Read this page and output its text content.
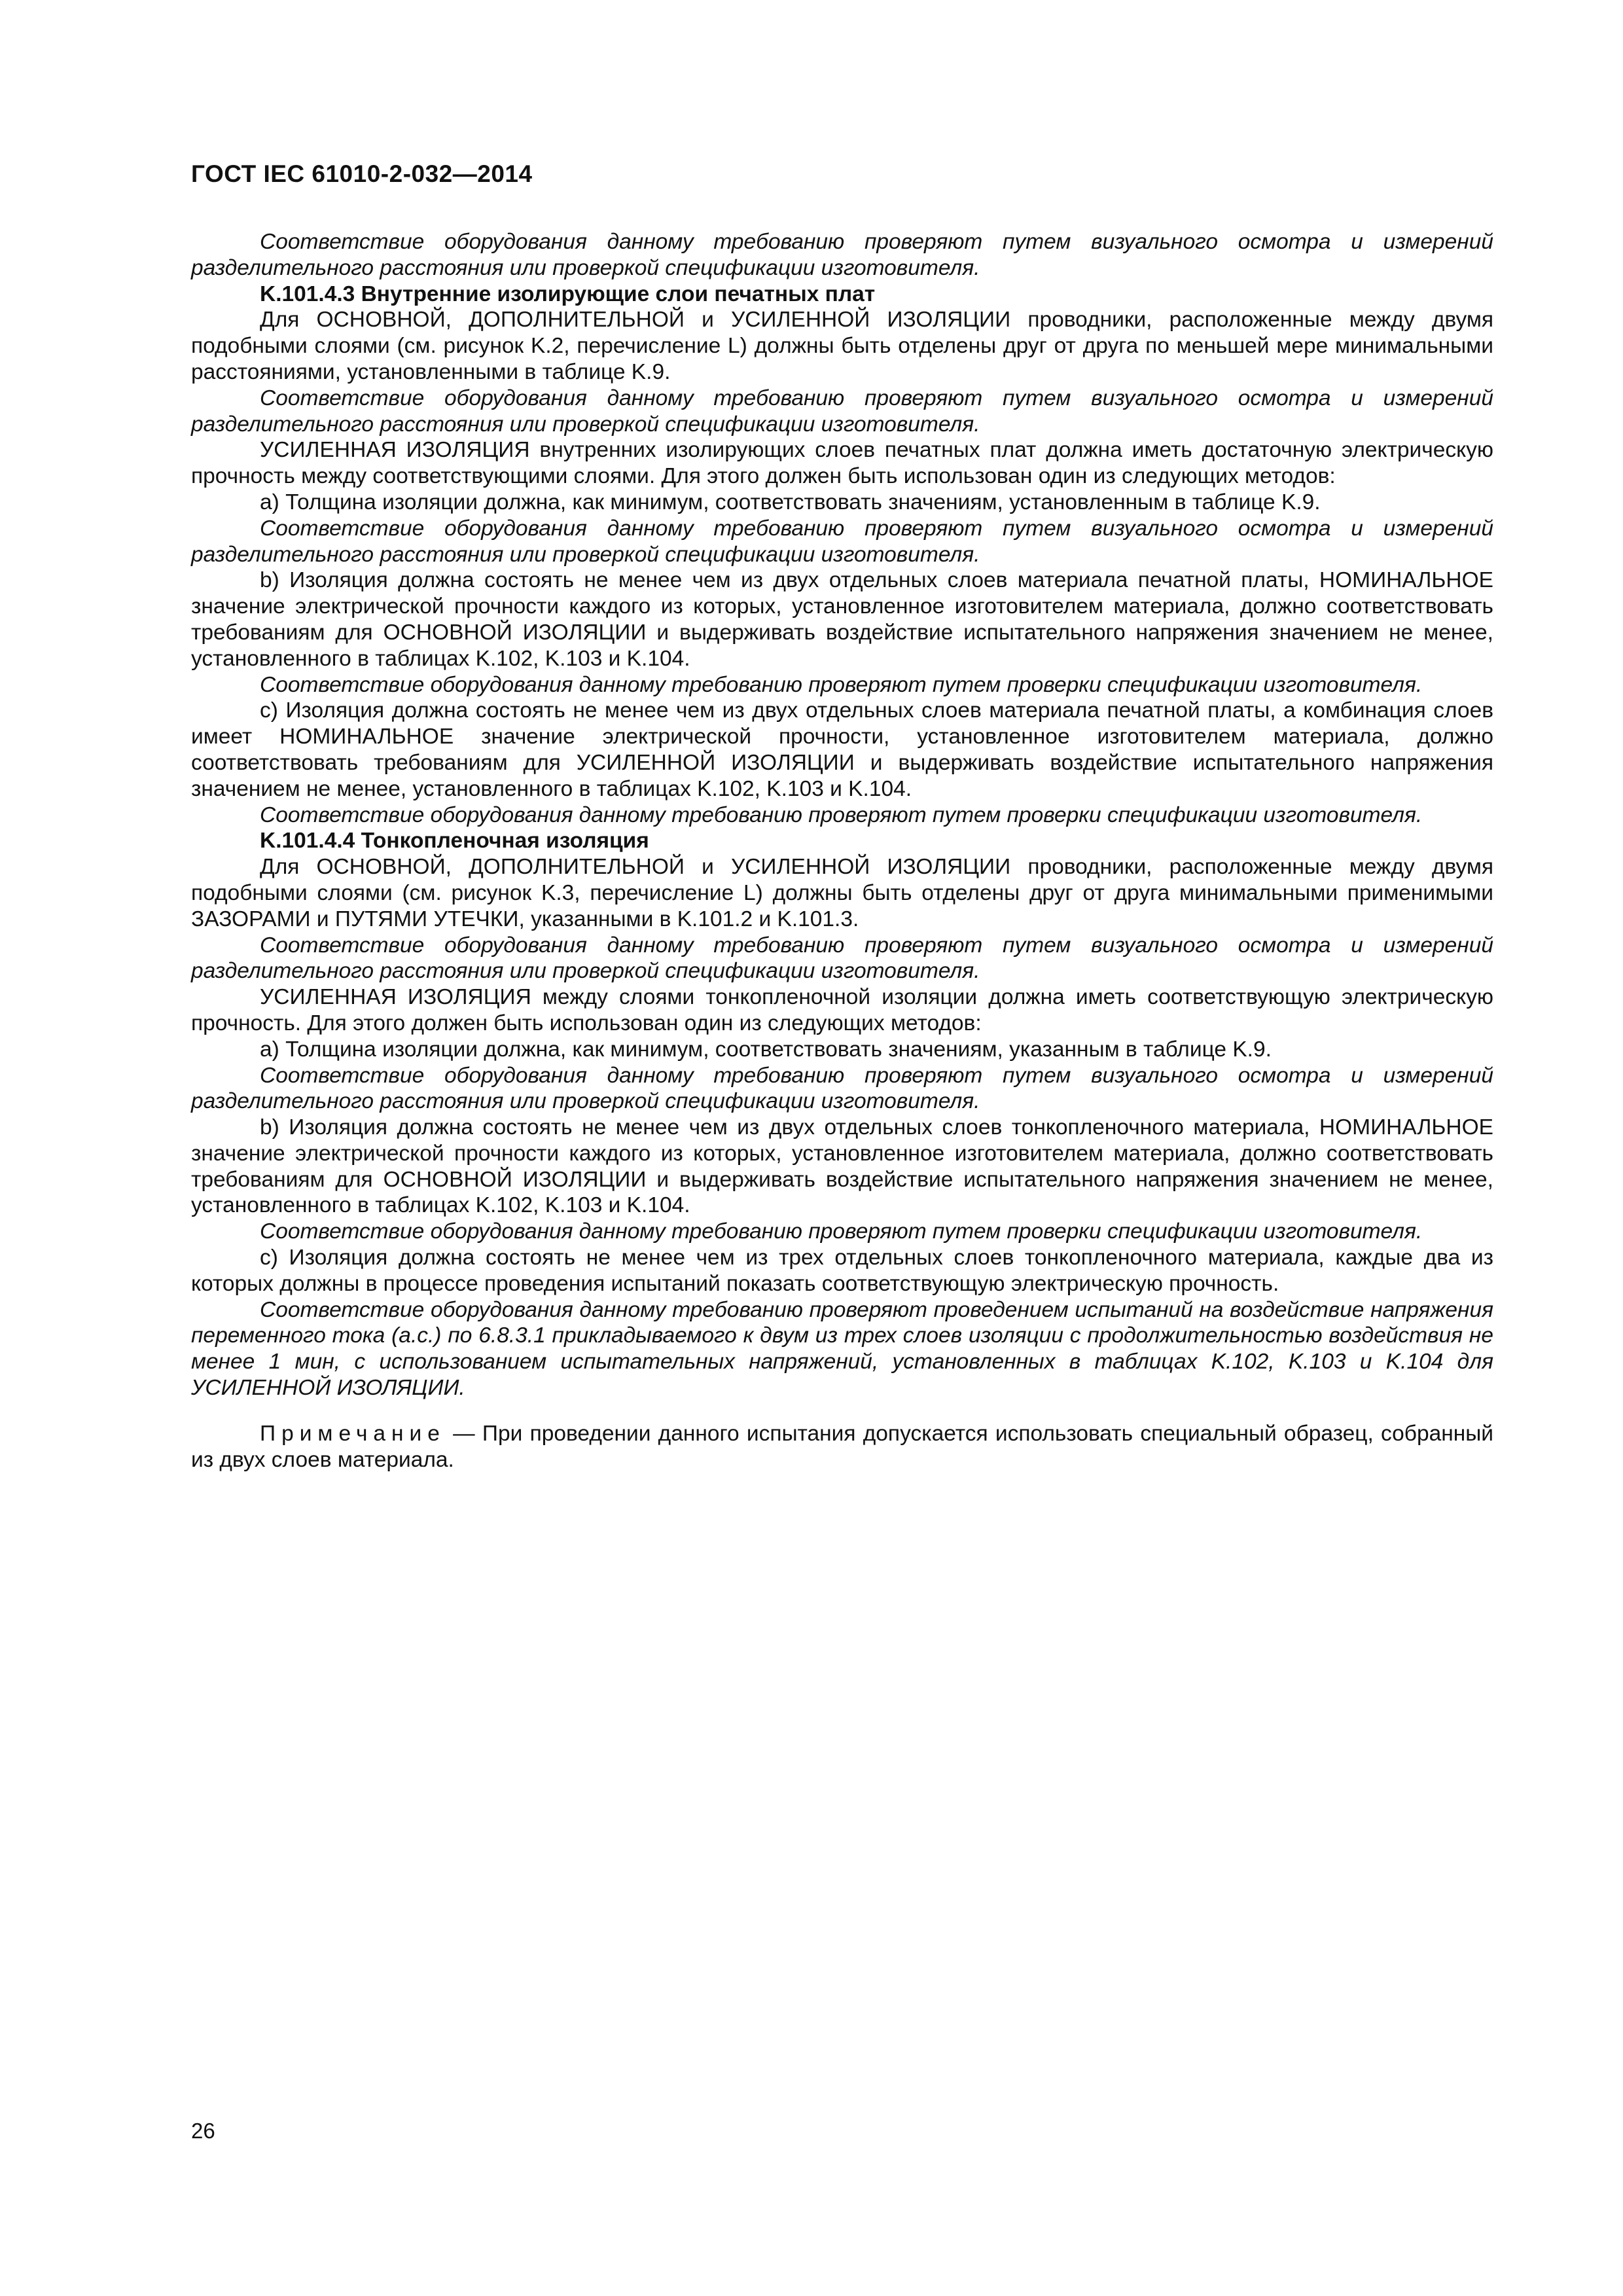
ГОСТ IEC 61010-2-032—2014

Соответствие оборудования данному требованию проверяют путем визуального осмотра и измерений разделительного расстояния или проверкой спецификации изготовителя.

K.101.4.3 Внутренние изолирующие слои печатных плат

Для ОСНОВНОЙ, ДОПОЛНИТЕЛЬНОЙ и УСИЛЕННОЙ ИЗОЛЯЦИИ проводники, расположенные между двумя подобными слоями (см. рисунок K.2, перечисление L) должны быть отделены друг от друга по меньшей мере минимальными расстояниями, установленными в таблице K.9.

Соответствие оборудования данному требованию проверяют путем визуального осмотра и измерений разделительного расстояния или проверкой спецификации изготовителя.

УСИЛЕННАЯ ИЗОЛЯЦИЯ внутренних изолирующих слоев печатных плат должна иметь достаточную электрическую прочность между соответствующими слоями. Для этого должен быть использован один из следующих методов:

a) Толщина изоляции должна, как минимум, соответствовать значениям, установленным в таблице K.9.

Соответствие оборудования данному требованию проверяют путем визуального осмотра и измерений разделительного расстояния или проверкой спецификации изготовителя.

b) Изоляция должна состоять не менее чем из двух отдельных слоев материала печатной платы, НОМИНАЛЬНОЕ значение электрической прочности каждого из которых, установленное изготовителем материала, должно соответствовать требованиям для ОСНОВНОЙ ИЗОЛЯЦИИ и выдерживать воздействие испытательного напряжения значением не менее, установленного в таблицах K.102, K.103 и K.104.

Соответствие оборудования данному требованию проверяют путем проверки спецификации изготовителя.

c) Изоляция должна состоять не менее чем из двух отдельных слоев материала печатной платы, а комбинация слоев имеет НОМИНАЛЬНОЕ значение электрической прочности, установленное изготовителем материала, должно соответствовать требованиям для УСИЛЕННОЙ ИЗОЛЯЦИИ и выдерживать воздействие испытательного напряжения значением не менее, установленного в таблицах K.102, K.103 и K.104.

Соответствие оборудования данному требованию проверяют путем проверки спецификации изготовителя.

K.101.4.4 Тонкопленочная изоляция

Для ОСНОВНОЙ, ДОПОЛНИТЕЛЬНОЙ и УСИЛЕННОЙ ИЗОЛЯЦИИ проводники, расположенные между двумя подобными слоями (см. рисунок K.3, перечисление L) должны быть отделены друг от друга минимальными применимыми ЗАЗОРАМИ и ПУТЯМИ УТЕЧКИ, указанными в K.101.2 и K.101.3.

Соответствие оборудования данному требованию проверяют путем визуального осмотра и измерений разделительного расстояния или проверкой спецификации изготовителя.

УСИЛЕННАЯ ИЗОЛЯЦИЯ между слоями тонкопленочной изоляции должна иметь соответствующую электрическую прочность. Для этого должен быть использован один из следующих методов:

a) Толщина изоляции должна, как минимум, соответствовать значениям, указанным в таблице K.9.

Соответствие оборудования данному требованию проверяют путем визуального осмотра и измерений разделительного расстояния или проверкой спецификации изготовителя.

b) Изоляция должна состоять не менее чем из двух отдельных слоев тонкопленочного материала, НОМИНАЛЬНОЕ значение электрической прочности каждого из которых, установленное изготовителем материала, должно соответствовать требованиям для ОСНОВНОЙ ИЗОЛЯЦИИ и выдерживать воздействие испытательного напряжения значением не менее, установленного в таблицах K.102, K.103 и K.104.

Соответствие оборудования данному требованию проверяют путем проверки спецификации изготовителя.

c) Изоляция должна состоять не менее чем из трех отдельных слоев тонкопленочного материала, каждые два из которых должны в процессе проведения испытаний показать соответствующую электрическую прочность.

Соответствие оборудования данному требованию проверяют проведением испытаний на воздействие напряжения переменного тока (а.с.) по 6.8.3.1 прикладываемого к двум из трех слоев изоляции с продолжительностью воздействия не менее 1 мин, с использованием испытательных напряжений, установленных в таблицах K.102, K.103 и K.104 для УСИЛЕННОЙ ИЗОЛЯЦИИ.

Примечание — При проведении данного испытания допускается использовать специальный образец, собранный из двух слоев материала.

26
